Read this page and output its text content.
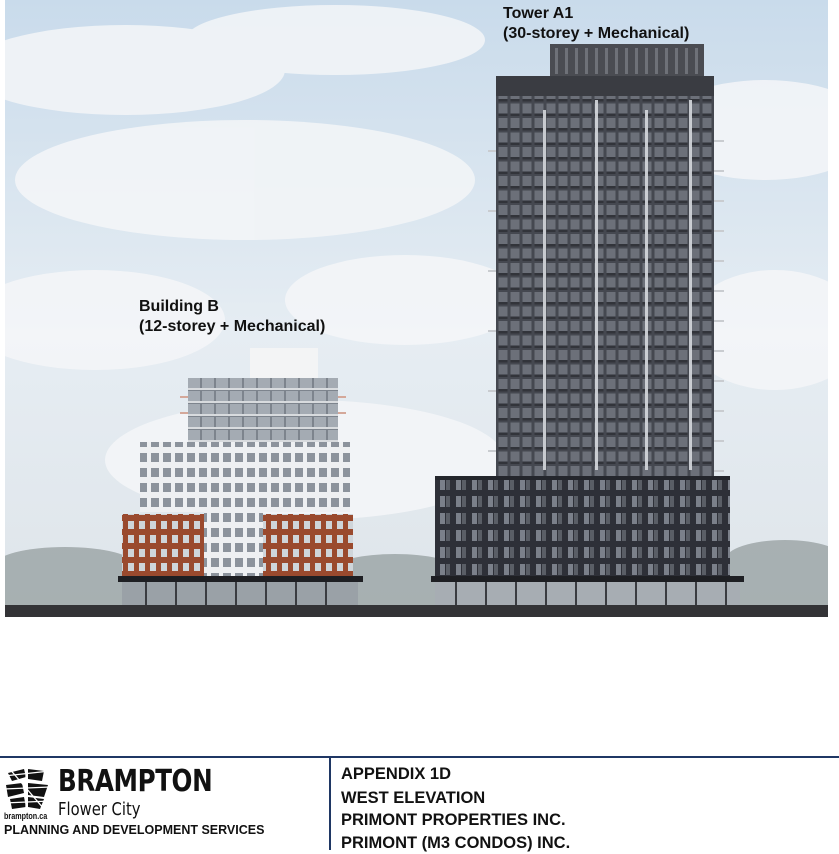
Tower A1
(30-storey + Mechanical)
Building B
(12-storey + Mechanical)
BRAMPTON
Flower City
brampton.ca
PLANNING AND DEVELOPMENT SERVICES
APPENDIX 1D
WEST ELEVATION
PRIMONT PROPERTIES INC.
PRIMONT (M3 CONDOS) INC.
